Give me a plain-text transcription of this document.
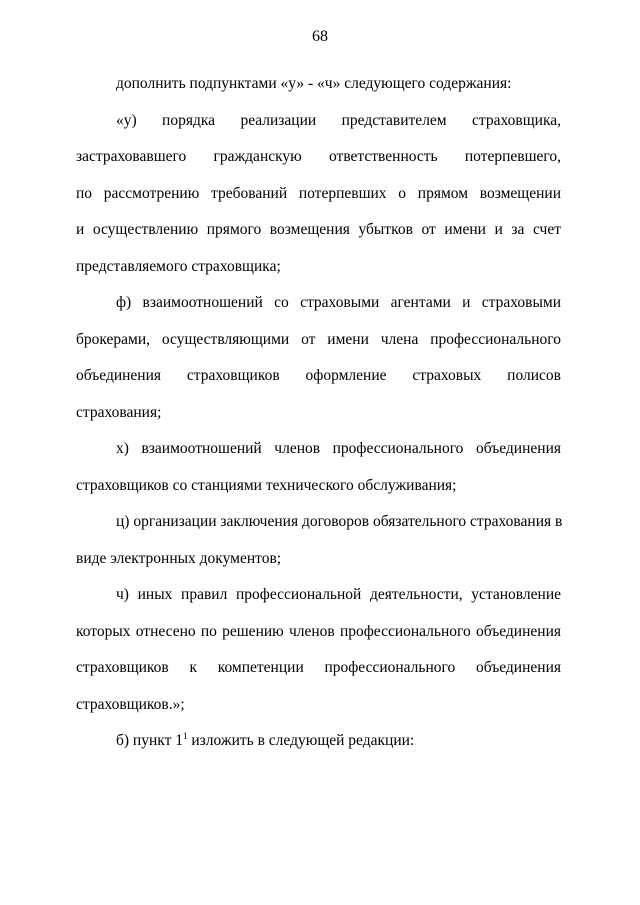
68
дополнить подпунктами «у» - «ч» следующего содержания:
«у) порядка реализации представителем страховщика,
застраховавшего гражданскую ответственность потерпевшего,
по рассмотрению требований потерпевших о прямом возмещении
и осуществлению прямого возмещения убытков от имени и за счет
представляемого страховщика;
ф) взаимоотношений со страховыми агентами и страховыми
брокерами, осуществляющими от имени члена профессионального
объединения страховщиков оформление страховых полисов
страхования;
х) взаимоотношений членов профессионального объединения
страховщиков со станциями технического обслуживания;
ц) организации заключения договоров обязательного страхования в
виде электронных документов;
ч) иных правил профессиональной деятельности, установление
которых отнесено по решению членов профессионального объединения
страховщиков к компетенции профессионального объединения
страховщиков.»;
б) пункт $1^1$ изложить в следующей редакции:
